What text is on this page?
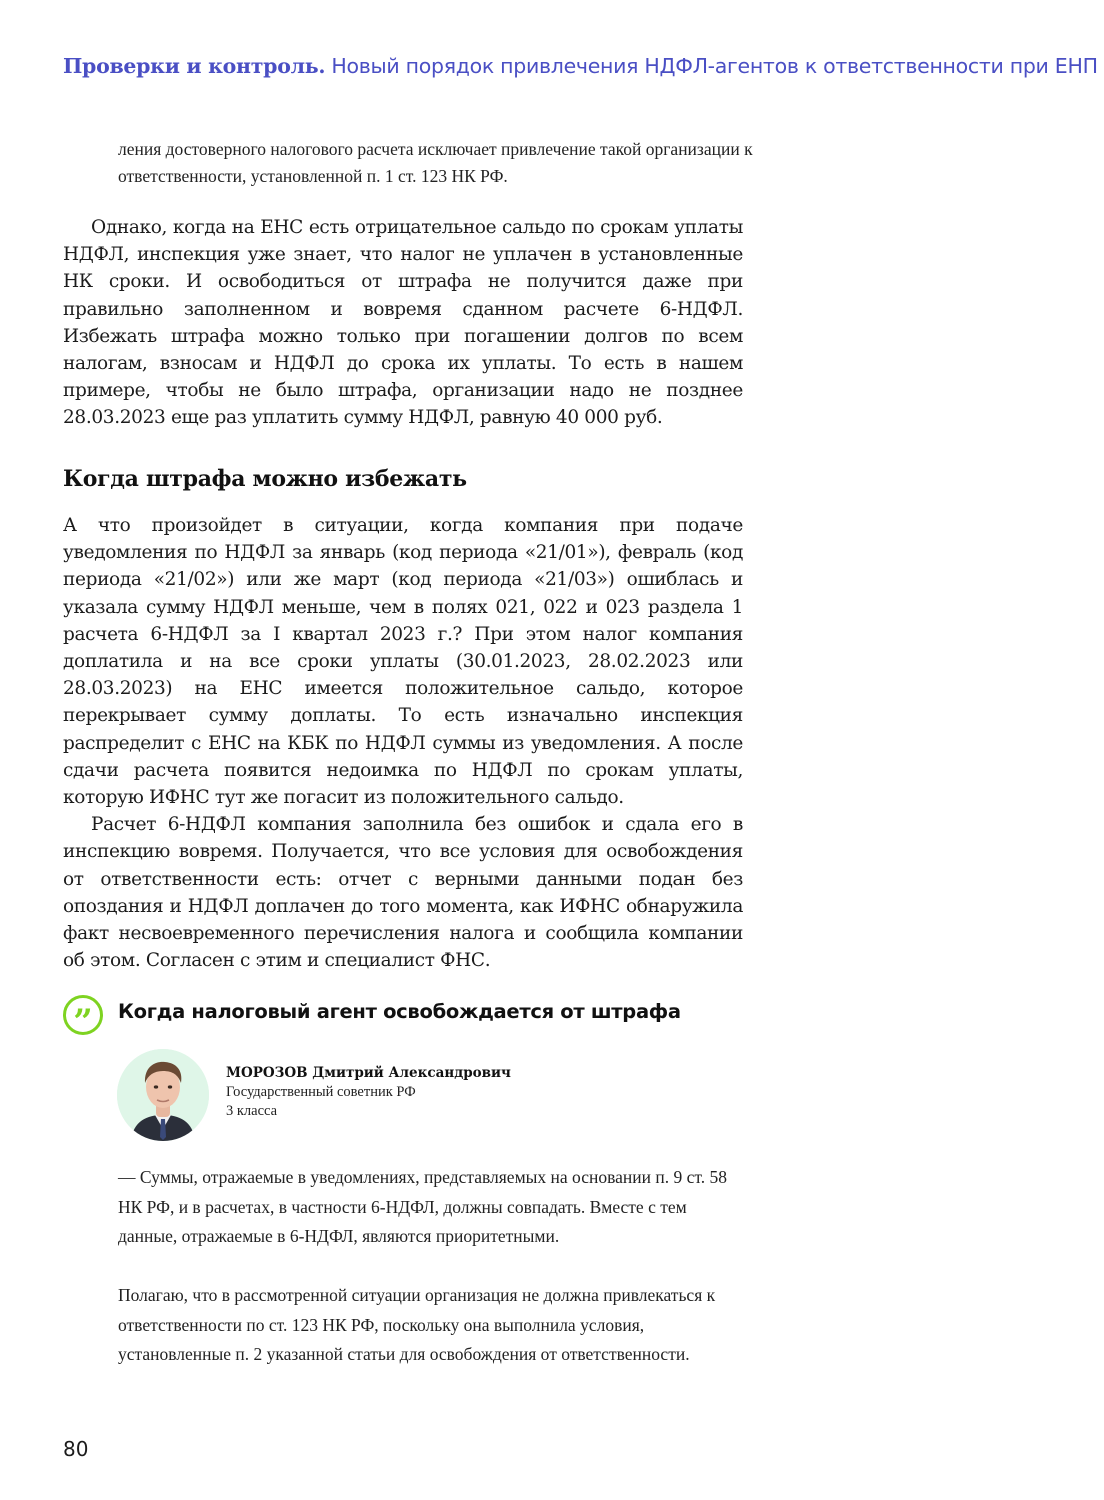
Проверки и контроль. Новый порядок привлечения НДФЛ-агентов к ответственности при ЕНП
ления достоверного налогового расчета исключает привлечение такой организации к ответственности, установленной п. 1 ст. 123 НК РФ.

Однако, когда на ЕНС есть отрицательное сальдо по срокам уплаты НДФЛ, инспекция уже знает, что налог не уплачен в установленные НК сроки. И освободиться от штрафа не получится даже при правильно заполненном и вовремя сданном расчете 6-НДФЛ. Избежать штрафа можно только при погашении долгов по всем налогам, взносам и НДФЛ до срока их уплаты. То есть в нашем примере, чтобы не было штрафа, организации надо не позднее 28.03.2023 еще раз уплатить сумму НДФЛ, равную 40 000 руб.

Когда штрафа можно избежать

А что произойдет в ситуации, когда компания при подаче уведомления по НДФЛ за январь (код периода «21/01»), февраль (код периода «21/02») или же март (код периода «21/03») ошиблась и указала сумму НДФЛ меньше, чем в полях 021, 022 и 023 раздела 1 расчета 6-НДФЛ за I квартал 2023 г.? При этом налог компания доплатила и на все сроки уплаты (30.01.2023, 28.02.2023 или 28.03.2023) на ЕНС имеется положительное сальдо, которое перекрывает сумму доплаты. То есть изначально инспекция распределит с ЕНС на КБК по НДФЛ суммы из уведомления. А после сдачи расчета появится недоимка по НДФЛ по срокам уплаты, которую ИФНС тут же погасит из положительного сальдо.

Расчет 6-НДФЛ компания заполнила без ошибок и сдала его в инспекцию вовремя. Получается, что все условия для освобождения от ответственности есть: отчет с верными данными подан без опоздания и НДФЛ доплачен до того момента, как ИФНС обнаружила факт несвоевременного перечисления налога и сообщила компании об этом. Согласен с этим и специалист ФНС.

” Когда налоговый агент освобождается от штрафа
МОРОЗОВ Дмитрий Александрович
Государственный советник РФ
3 класса

— Суммы, отражаемые в уведомлениях, представляемых на основании п. 9 ст. 58 НК РФ, и в расчетах, в частности 6-НДФЛ, должны совпадать. Вместе с тем данные, отражаемые в 6-НДФЛ, являются приоритетными.

Полагаю, что в рассмотренной ситуации организация не должна привлекаться к ответственности по ст. 123 НК РФ, поскольку она выполнила условия, установленные п. 2 указанной статьи для освобождения от ответственности.

80
